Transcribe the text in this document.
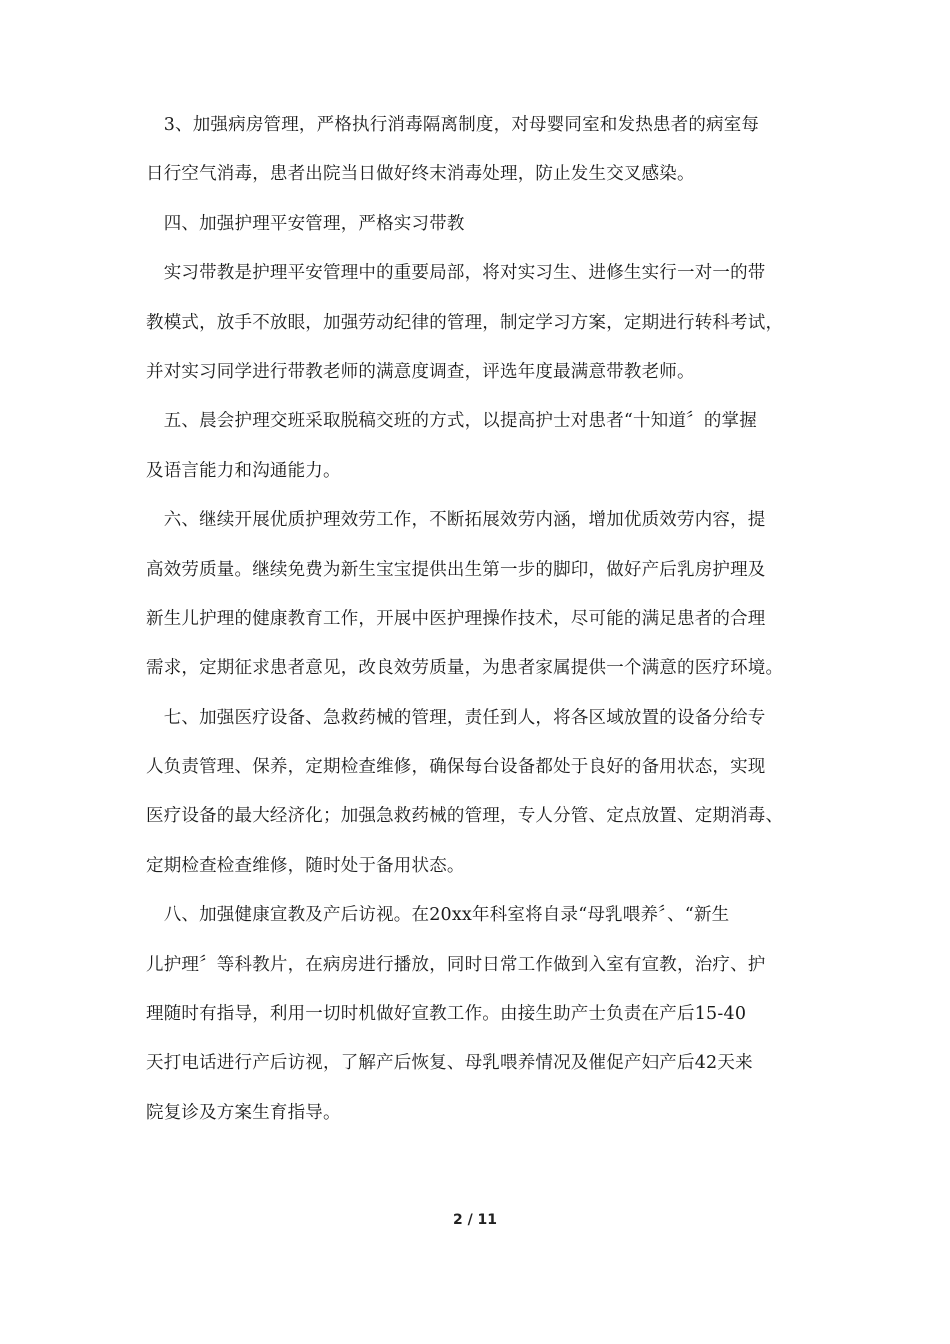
　3、加强病房管理，严格执行消毒隔离制度，对母婴同室和发热患者的病室每
日行空气消毒，患者出院当日做好终末消毒处理，防止发生交叉感染。
　四、加强护理平安管理，严格实习带教
　实习带教是护理平安管理中的重要局部，将对实习生、进修生实行一对一的带
教模式，放手不放眼，加强劳动纪律的管理，制定学习方案，定期进行转科考试，
并对实习同学进行带教老师的满意度调查，评选年度最满意带教老师。
　五、晨会护理交班采取脱稿交班的方式，以提高护士对患者“十知道〞的掌握
及语言能力和沟通能力。
　六、继续开展优质护理效劳工作，不断拓展效劳内涵，增加优质效劳内容，提
高效劳质量。继续免费为新生宝宝提供出生第一步的脚印，做好产后乳房护理及
新生儿护理的健康教育工作，开展中医护理操作技术，尽可能的满足患者的合理
需求，定期征求患者意见，改良效劳质量，为患者家属提供一个满意的医疗环境。
　七、加强医疗设备、急救药械的管理，责任到人，将各区域放置的设备分给专
人负责管理、保养，定期检查维修，确保每台设备都处于良好的备用状态，实现
医疗设备的最大经济化；加强急救药械的管理，专人分管、定点放置、定期消毒、
定期检查检查维修，随时处于备用状态。
　八、加强健康宣教及产后访视。在20xx年科室将自录“母乳喂养〞、“新生
儿护理〞等科教片，在病房进行播放，同时日常工作做到入室有宣教，治疗、护
理随时有指导，利用一切时机做好宣教工作。由接生助产士负责在产后15-40
天打电话进行产后访视，了解产后恢复、母乳喂养情况及催促产妇产后42天来
院复诊及方案生育指导。
2 / 11
